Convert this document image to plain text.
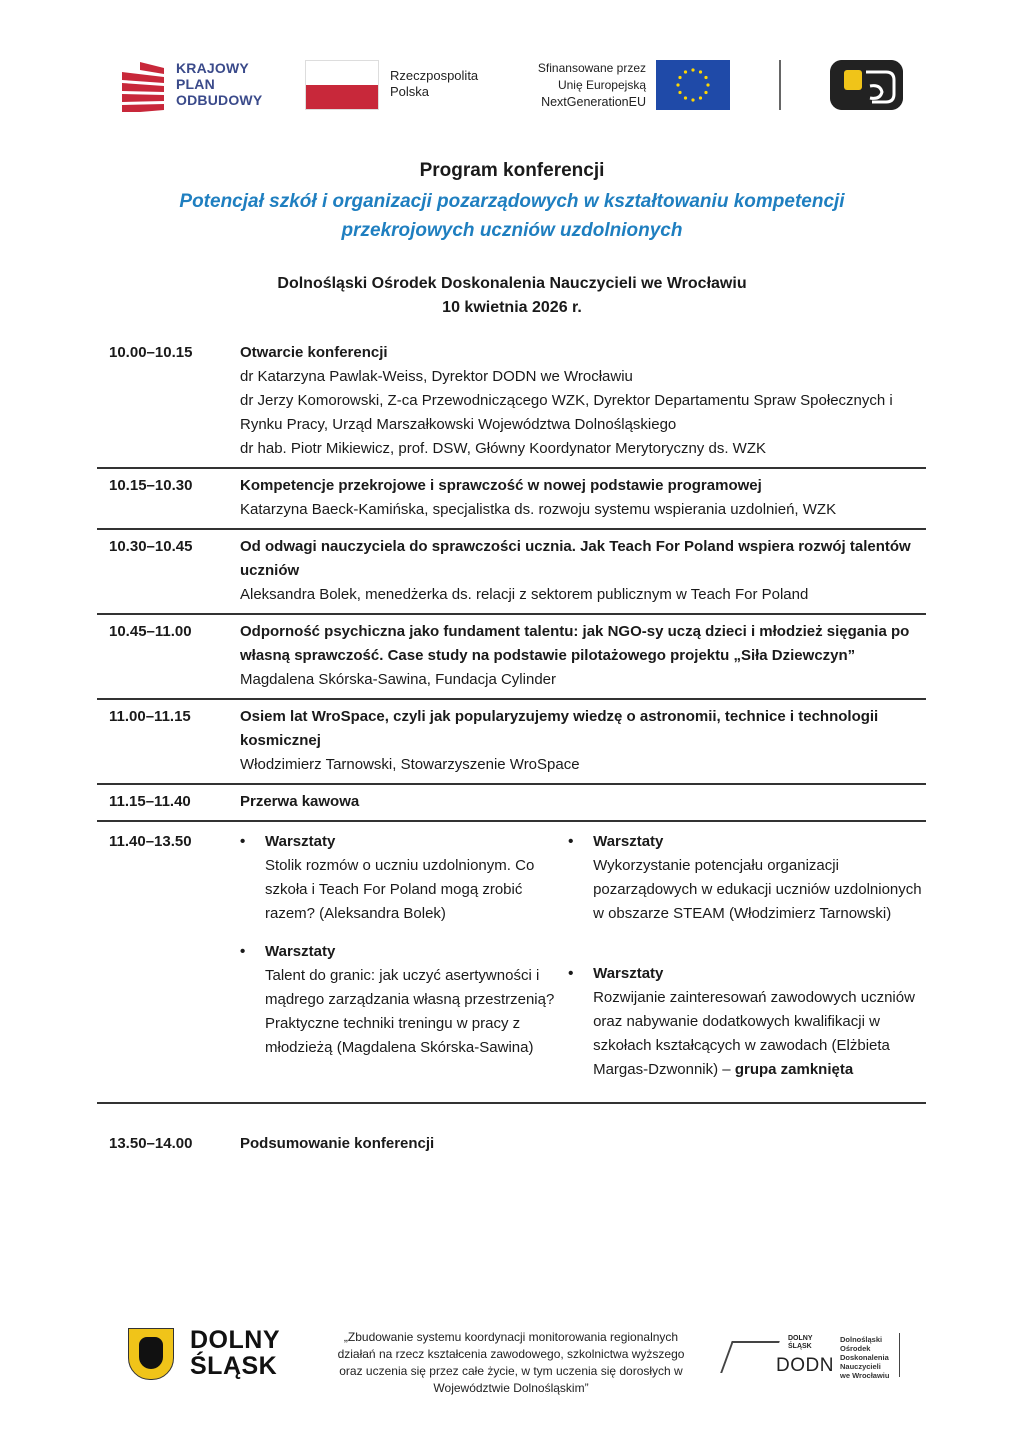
KRAJOWY
PLAN
ODBUDOWY
Rzeczpospolita
Polska
Sfinansowane przez
Unię Europejską
NextGenerationEU
Program konferencji
Potencjał szkół i organizacji pozarządowych w kształtowaniu kompetencji
przekrojowych uczniów uzdolnionych
Dolnośląski Ośrodek Doskonalenia Nauczycieli we Wrocławiu
10 kwietnia 2026 r.
10.00–10.15	Otwarcie konferencji
dr Katarzyna Pawlak-Weiss, Dyrektor DODN we Wrocławiu
dr Jerzy Komorowski, Z-ca Przewodniczącego WZK, Dyrektor Departamentu Spraw Społecznych i Rynku Pracy, Urząd Marszałkowski Województwa Dolnośląskiego
dr hab. Piotr Mikiewicz, prof. DSW, Główny Koordynator Merytoryczny ds. WZK
10.15–10.30	Kompetencje przekrojowe i sprawczość w nowej podstawie programowej
Katarzyna Baeck-Kamińska, specjalistka ds. rozwoju systemu wspierania uzdolnień, WZK
10.30–10.45	Od odwagi nauczyciela do sprawczości ucznia. Jak Teach For Poland wspiera rozwój talentów uczniów
Aleksandra Bolek, menedżerka ds. relacji z sektorem publicznym w Teach For Poland
10.45–11.00	Odporność psychiczna jako fundament talentu: jak NGO-sy uczą dzieci i młodzież sięgania po własną sprawczość. Case study na podstawie pilotażowego projektu „Siła Dziewczyn”
Magdalena Skórska-Sawina, Fundacja Cylinder
11.00–11.15	Osiem lat WroSpace, czyli jak popularyzujemy wiedzę o astronomii, technice i technologii kosmicznej
Włodzimierz Tarnowski, Stowarzyszenie WroSpace
11.15–11.40	Przerwa kawowa
11.40–13.50	• Warsztaty
Stolik rozmów o uczniu uzdolnionym. Co szkoła i Teach For Poland mogą zrobić razem? (Aleksandra Bolek)
• Warsztaty
Talent do granic: jak uczyć asertywności i mądrego zarządzania własną przestrzenią? Praktyczne techniki treningu w pracy z młodzieżą (Magdalena Skórska-Sawina)
• Warsztaty
Wykorzystanie potencjału organizacji pozarządowych w edukacji uczniów uzdolnionych w obszarze STEAM (Włodzimierz Tarnowski)
• Warsztaty
Rozwijanie zainteresowań zawodowych uczniów oraz nabywanie dodatkowych kwalifikacji w szkołach kształcących w zawodach (Elżbieta Margas-Dzwonnik) – grupa zamknięta
13.50–14.00	Podsumowanie konferencji
DOLNY
ŚLĄSK
„Zbudowanie systemu koordynacji monitorowania regionalnych działań na rzecz kształcenia zawodowego, szkolnictwa wyższego oraz uczenia się przez całe życie, w tym uczenia się dorosłych w Województwie Dolnośląskim”
DOLNY
ŚLĄSK
DODN
Dolnośląski
Ośrodek
Doskonalenia
Nauczycieli
we Wrocławiu
